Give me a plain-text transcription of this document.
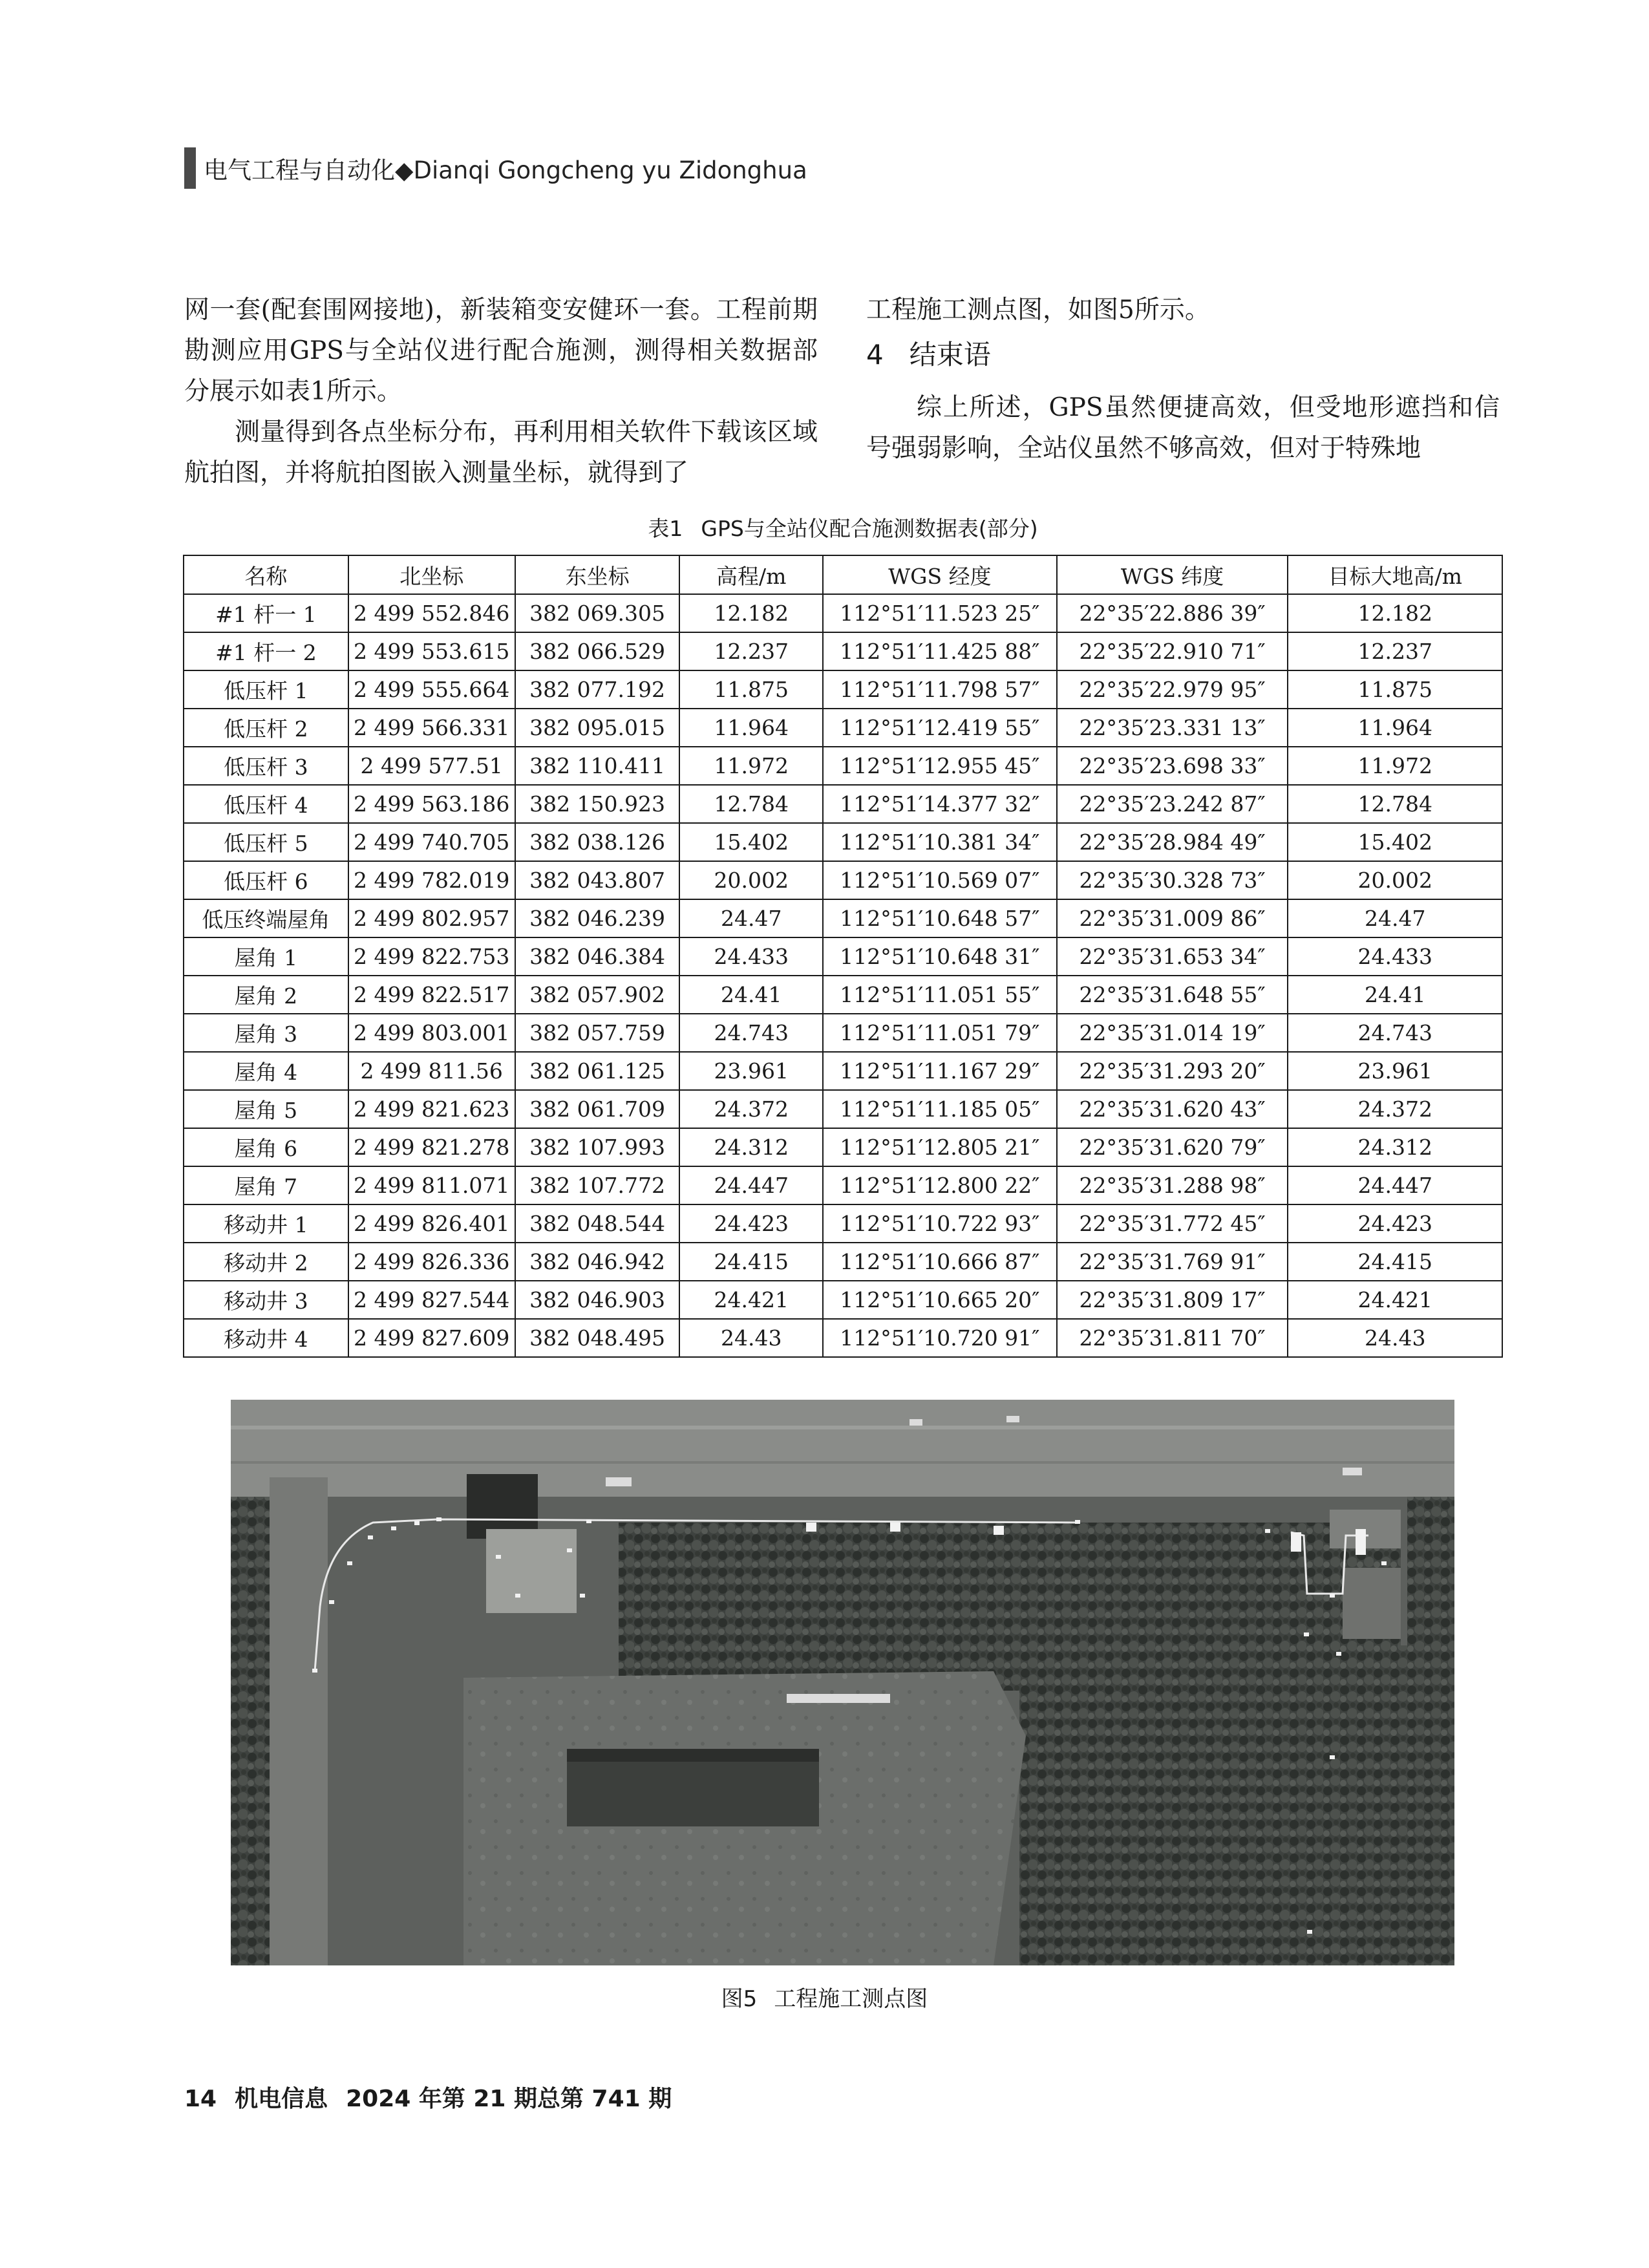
电气工程与自动化◆Dianqi Gongcheng yu Zidonghua

网一套(配套围网接地)，新装箱变安健环一套。工程前期勘测应用GPS与全站仪进行配合施测，测得相关数据部分展示如表1所示。

测量得到各点坐标分布，再利用相关软件下载该区域航拍图，并将航拍图嵌入测量坐标，就得到了

工程施工测点图，如图5所示。

4 结束语

综上所述，GPS虽然便捷高效，但受地形遮挡和信号强弱影响，全站仪虽然不够高效，但对于特殊地

表1 GPS与全站仪配合施测数据表(部分)
名称	北坐标	东坐标	高程/m	WGS 经度	WGS 纬度	目标大地高/m
#1 杆一 1	2 499 552.846	382 069.305	12.182	112°51′11.523 25″	22°35′22.886 39″	12.182
#1 杆一 2	2 499 553.615	382 066.529	12.237	112°51′11.425 88″	22°35′22.910 71″	12.237
低压杆 1	2 499 555.664	382 077.192	11.875	112°51′11.798 57″	22°35′22.979 95″	11.875
低压杆 2	2 499 566.331	382 095.015	11.964	112°51′12.419 55″	22°35′23.331 13″	11.964
低压杆 3	2 499 577.51	382 110.411	11.972	112°51′12.955 45″	22°35′23.698 33″	11.972
低压杆 4	2 499 563.186	382 150.923	12.784	112°51′14.377 32″	22°35′23.242 87″	12.784
低压杆 5	2 499 740.705	382 038.126	15.402	112°51′10.381 34″	22°35′28.984 49″	15.402
低压杆 6	2 499 782.019	382 043.807	20.002	112°51′10.569 07″	22°35′30.328 73″	20.002
低压终端屋角	2 499 802.957	382 046.239	24.47	112°51′10.648 57″	22°35′31.009 86″	24.47
屋角 1	2 499 822.753	382 046.384	24.433	112°51′10.648 31″	22°35′31.653 34″	24.433
屋角 2	2 499 822.517	382 057.902	24.41	112°51′11.051 55″	22°35′31.648 55″	24.41
屋角 3	2 499 803.001	382 057.759	24.743	112°51′11.051 79″	22°35′31.014 19″	24.743
屋角 4	2 499 811.56	382 061.125	23.961	112°51′11.167 29″	22°35′31.293 20″	23.961
屋角 5	2 499 821.623	382 061.709	24.372	112°51′11.185 05″	22°35′31.620 43″	24.372
屋角 6	2 499 821.278	382 107.993	24.312	112°51′12.805 21″	22°35′31.620 79″	24.312
屋角 7	2 499 811.071	382 107.772	24.447	112°51′12.800 22″	22°35′31.288 98″	24.447
移动井 1	2 499 826.401	382 048.544	24.423	112°51′10.722 93″	22°35′31.772 45″	24.423
移动井 2	2 499 826.336	382 046.942	24.415	112°51′10.666 87″	22°35′31.769 91″	24.415
移动井 3	2 499 827.544	382 046.903	24.421	112°51′10.665 20″	22°35′31.809 17″	24.421
移动井 4	2 499 827.609	382 048.495	24.43	112°51′10.720 91″	22°35′31.811 70″	24.43
图5 工程施工测点图
14 机电信息 2024 年第 21 期总第 741 期
